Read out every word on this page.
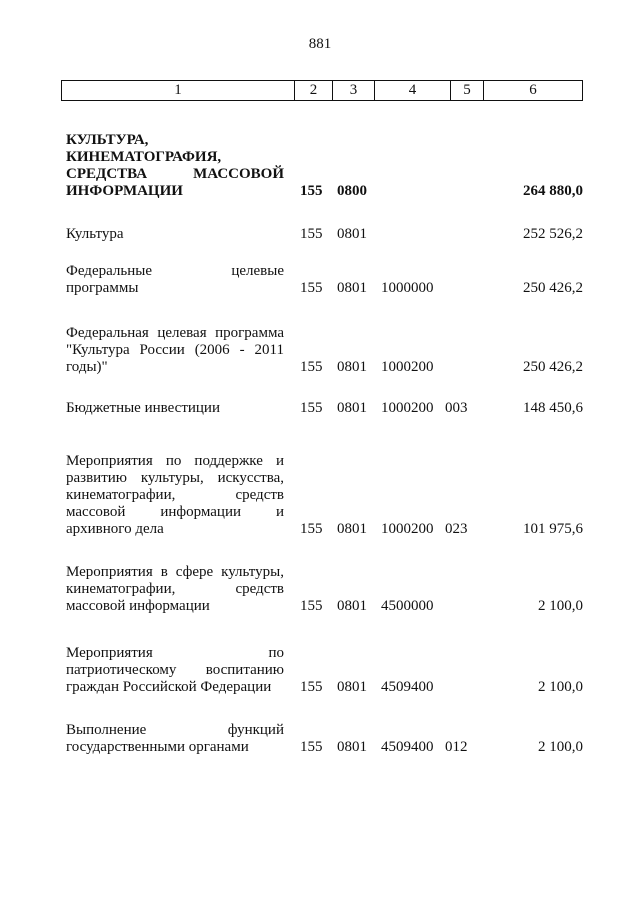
881
1	2	3	4	5	6
КУЛЬТУРА,
КИНЕМАТОГРАФИЯ,
СРЕДСТВА МАССОВОЙ
ИНФОРМАЦИИ	155 0800	264 880,0
Культура	155 0801	252 526,2
Федеральные целевые
программы	155 0801 1000000	250 426,2
Федеральная целевая программа
"Культура России (2006 - 2011
годы)"	155 0801 1000200	250 426,2
Бюджетные инвестиции	155 0801 1000200 003	148 450,6
Мероприятия по поддержке и
развитию культуры, искусства,
кинематографии, средств
массовой информации и
архивного дела	155 0801 1000200 023	101 975,6
Мероприятия в сфере культуры,
кинематографии, средств
массовой информации	155 0801 4500000	2 100,0
Мероприятия по
патриотическому воспитанию
граждан Российской Федерации	155 0801 4509400	2 100,0
Выполнение функций
государственными органами	155 0801 4509400 012	2 100,0
